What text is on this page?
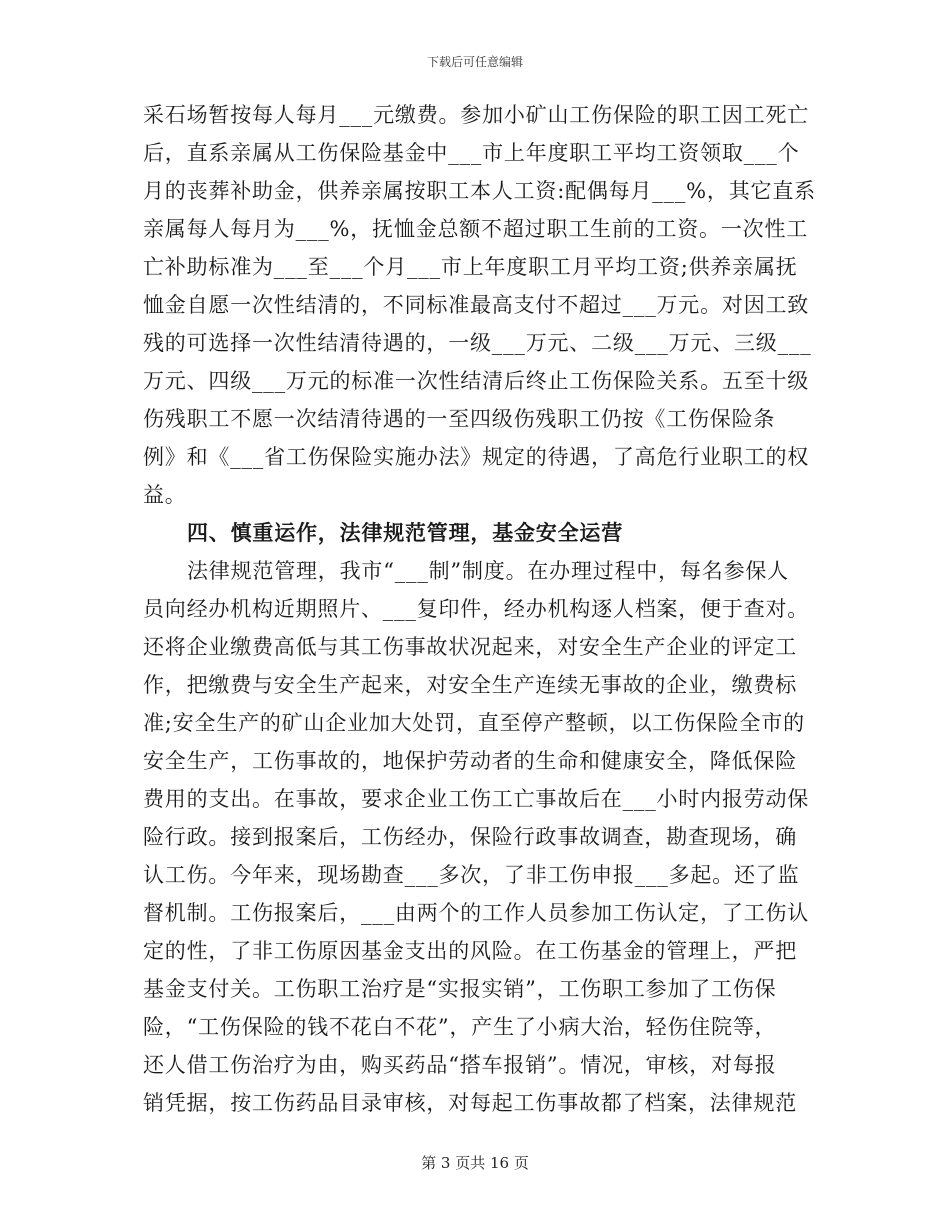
下载后可任意编辑
采石场暂按每人每月___元缴费。参加小矿山工伤保险的职工因工死亡
后，直系亲属从工伤保险基金中___市上年度职工平均工资领取___个
月的丧葬补助金，供养亲属按职工本人工资:配偶每月___%，其它直系
亲属每人每月为___%，抚恤金总额不超过职工生前的工资。一次性工
亡补助标准为___至___个月___市上年度职工月平均工资;供养亲属抚
恤金自愿一次性结清的，不同标准最高支付不超过___万元。对因工致
残的可选择一次性结清待遇的，一级___万元、二级___万元、三级___
万元、四级___万元的标准一次性结清后终止工伤保险关系。五至十级
伤残职工不愿一次结清待遇的一至四级伤残职工仍按《工伤保险条
例》和《___省工伤保险实施办法》规定的待遇，了高危行业职工的权
益。
四、慎重运作，法律规范管理，基金安全运营
法律规范管理，我市“___制”制度。在办理过程中，每名参保人
员向经办机构近期照片、___复印件，经办机构逐人档案，便于查对。
还将企业缴费高低与其工伤事故状况起来，对安全生产企业的评定工
作，把缴费与安全生产起来，对安全生产连续无事故的企业，缴费标
准;安全生产的矿山企业加大处罚，直至停产整顿，以工伤保险全市的
安全生产，工伤事故的，地保护劳动者的生命和健康安全，降低保险
费用的支出。在事故，要求企业工伤工亡事故后在___小时内报劳动保
险行政。接到报案后，工伤经办，保险行政事故调查，勘查现场，确
认工伤。今年来，现场勘查___多次，了非工伤申报___多起。还了监
督机制。工伤报案后，___由两个的工作人员参加工伤认定，了工伤认
定的性，了非工伤原因基金支出的风险。在工伤基金的管理上，严把
基金支付关。工伤职工治疗是“实报实销”，工伤职工参加了工伤保
险，“工伤保险的钱不花白不花”，产生了小病大治，轻伤住院等，
还人借工伤治疗为由，购买药品“搭车报销”。情况，审核，对每报
销凭据，按工伤药品目录审核，对每起工伤事故都了档案，法律规范
第 3 页共 16 页
